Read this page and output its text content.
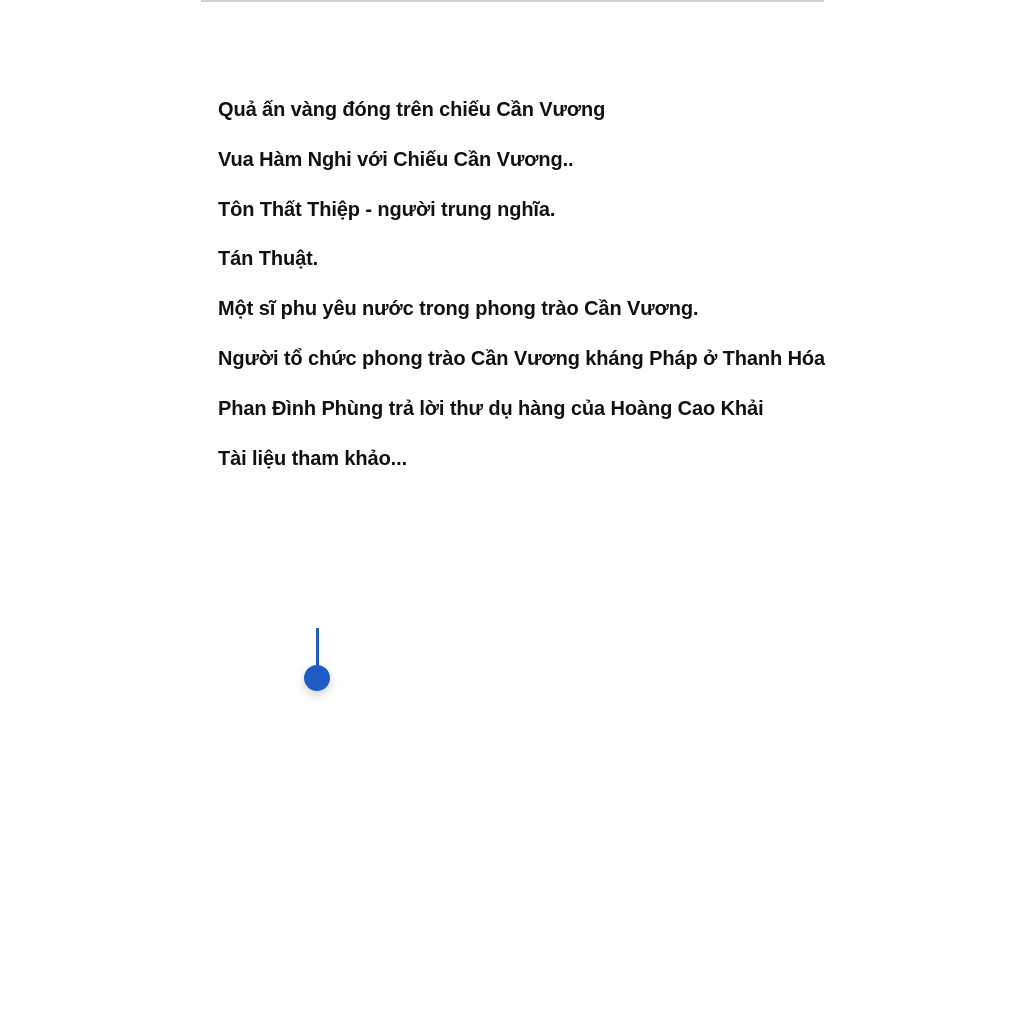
Quả ấn vàng đóng trên chiếu Cần Vương
Vua Hàm Nghi với Chiếu Cần Vương..
Tôn Thất Thiệp - người trung nghĩa.
Tán Thuật.
Một sĩ phu yêu nước trong phong trào Cần Vương.
Người tổ chức phong trào Cần Vương kháng Pháp ở Thanh Hóa
Phan Đình Phùng trả lời thư dụ hàng của Hoàng Cao Khải
Tài liệu tham khảo...
